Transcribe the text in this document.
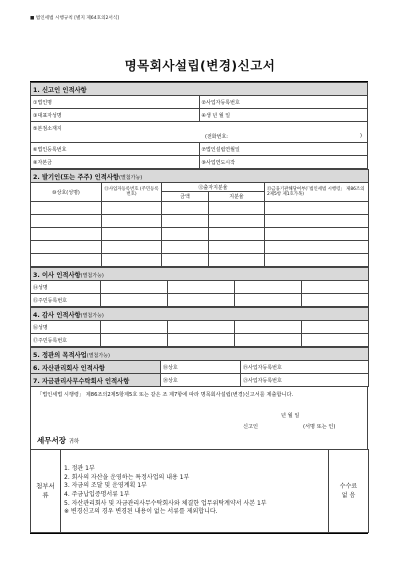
■ 법인세법 시행규칙 [별지 제64호의2서식]
명목회사설립(변경)신고서
1. 신고인 인적사항	
①법인명	②사업자등록번호
③대표자성명	④생 년 월 일

⑤본점소재지
(전화번호: )	

⑥법인등록번호	⑦법인설립연월일
⑧자본금	⑨사업연도시작
2. 발기인(또는 주주) 인적사항(별첨가능)				
⑩상호(성명)	⑪사업자등록번호 (주민등록번호)	⑫출자지분율		⑬금융기관해당여부(「법인세법 시행령」 제86조의2제5항 제1호가목)
		금액	지분율	

3. 이사 인적사항(별첨가능)				
⑭성명				
⑮주민등록번호				
4. 감사 인적사항(별첨가능)				
⑯성명				
⑰주민등록번호				
5. 정관의 목적사업(별첨가능)		
6. 자산관리회사 인적사항	⑱상호	⑲사업자등록번호
7. 자금관리사무수탁회사 인적사항	⑳상호	㉑사업자등록번호
「법인세법 시행령」 제86조의2제5항제5호 또는 같은 조 제7항에 따라 명목회사설립(변경)신고서를 제출합니다.
년 월 일
신고인	(서명 또는 인)
세무서장 귀하
첨부서류	
1. 정관 1부
2. 회사의 자산을 운영하는 특정사업의 내용 1부
3. 자금의 조달 및 운영계획 1부
4. 주금납입증명서류 1부
5. 자산관리회사 및 자금관리사무수탁회사와 체결한 업무위탁계약서 사본 1부
※ 변경신고의 경우 변경된 내용이 없는 서류를 제외합니다.

수수료
없 음
